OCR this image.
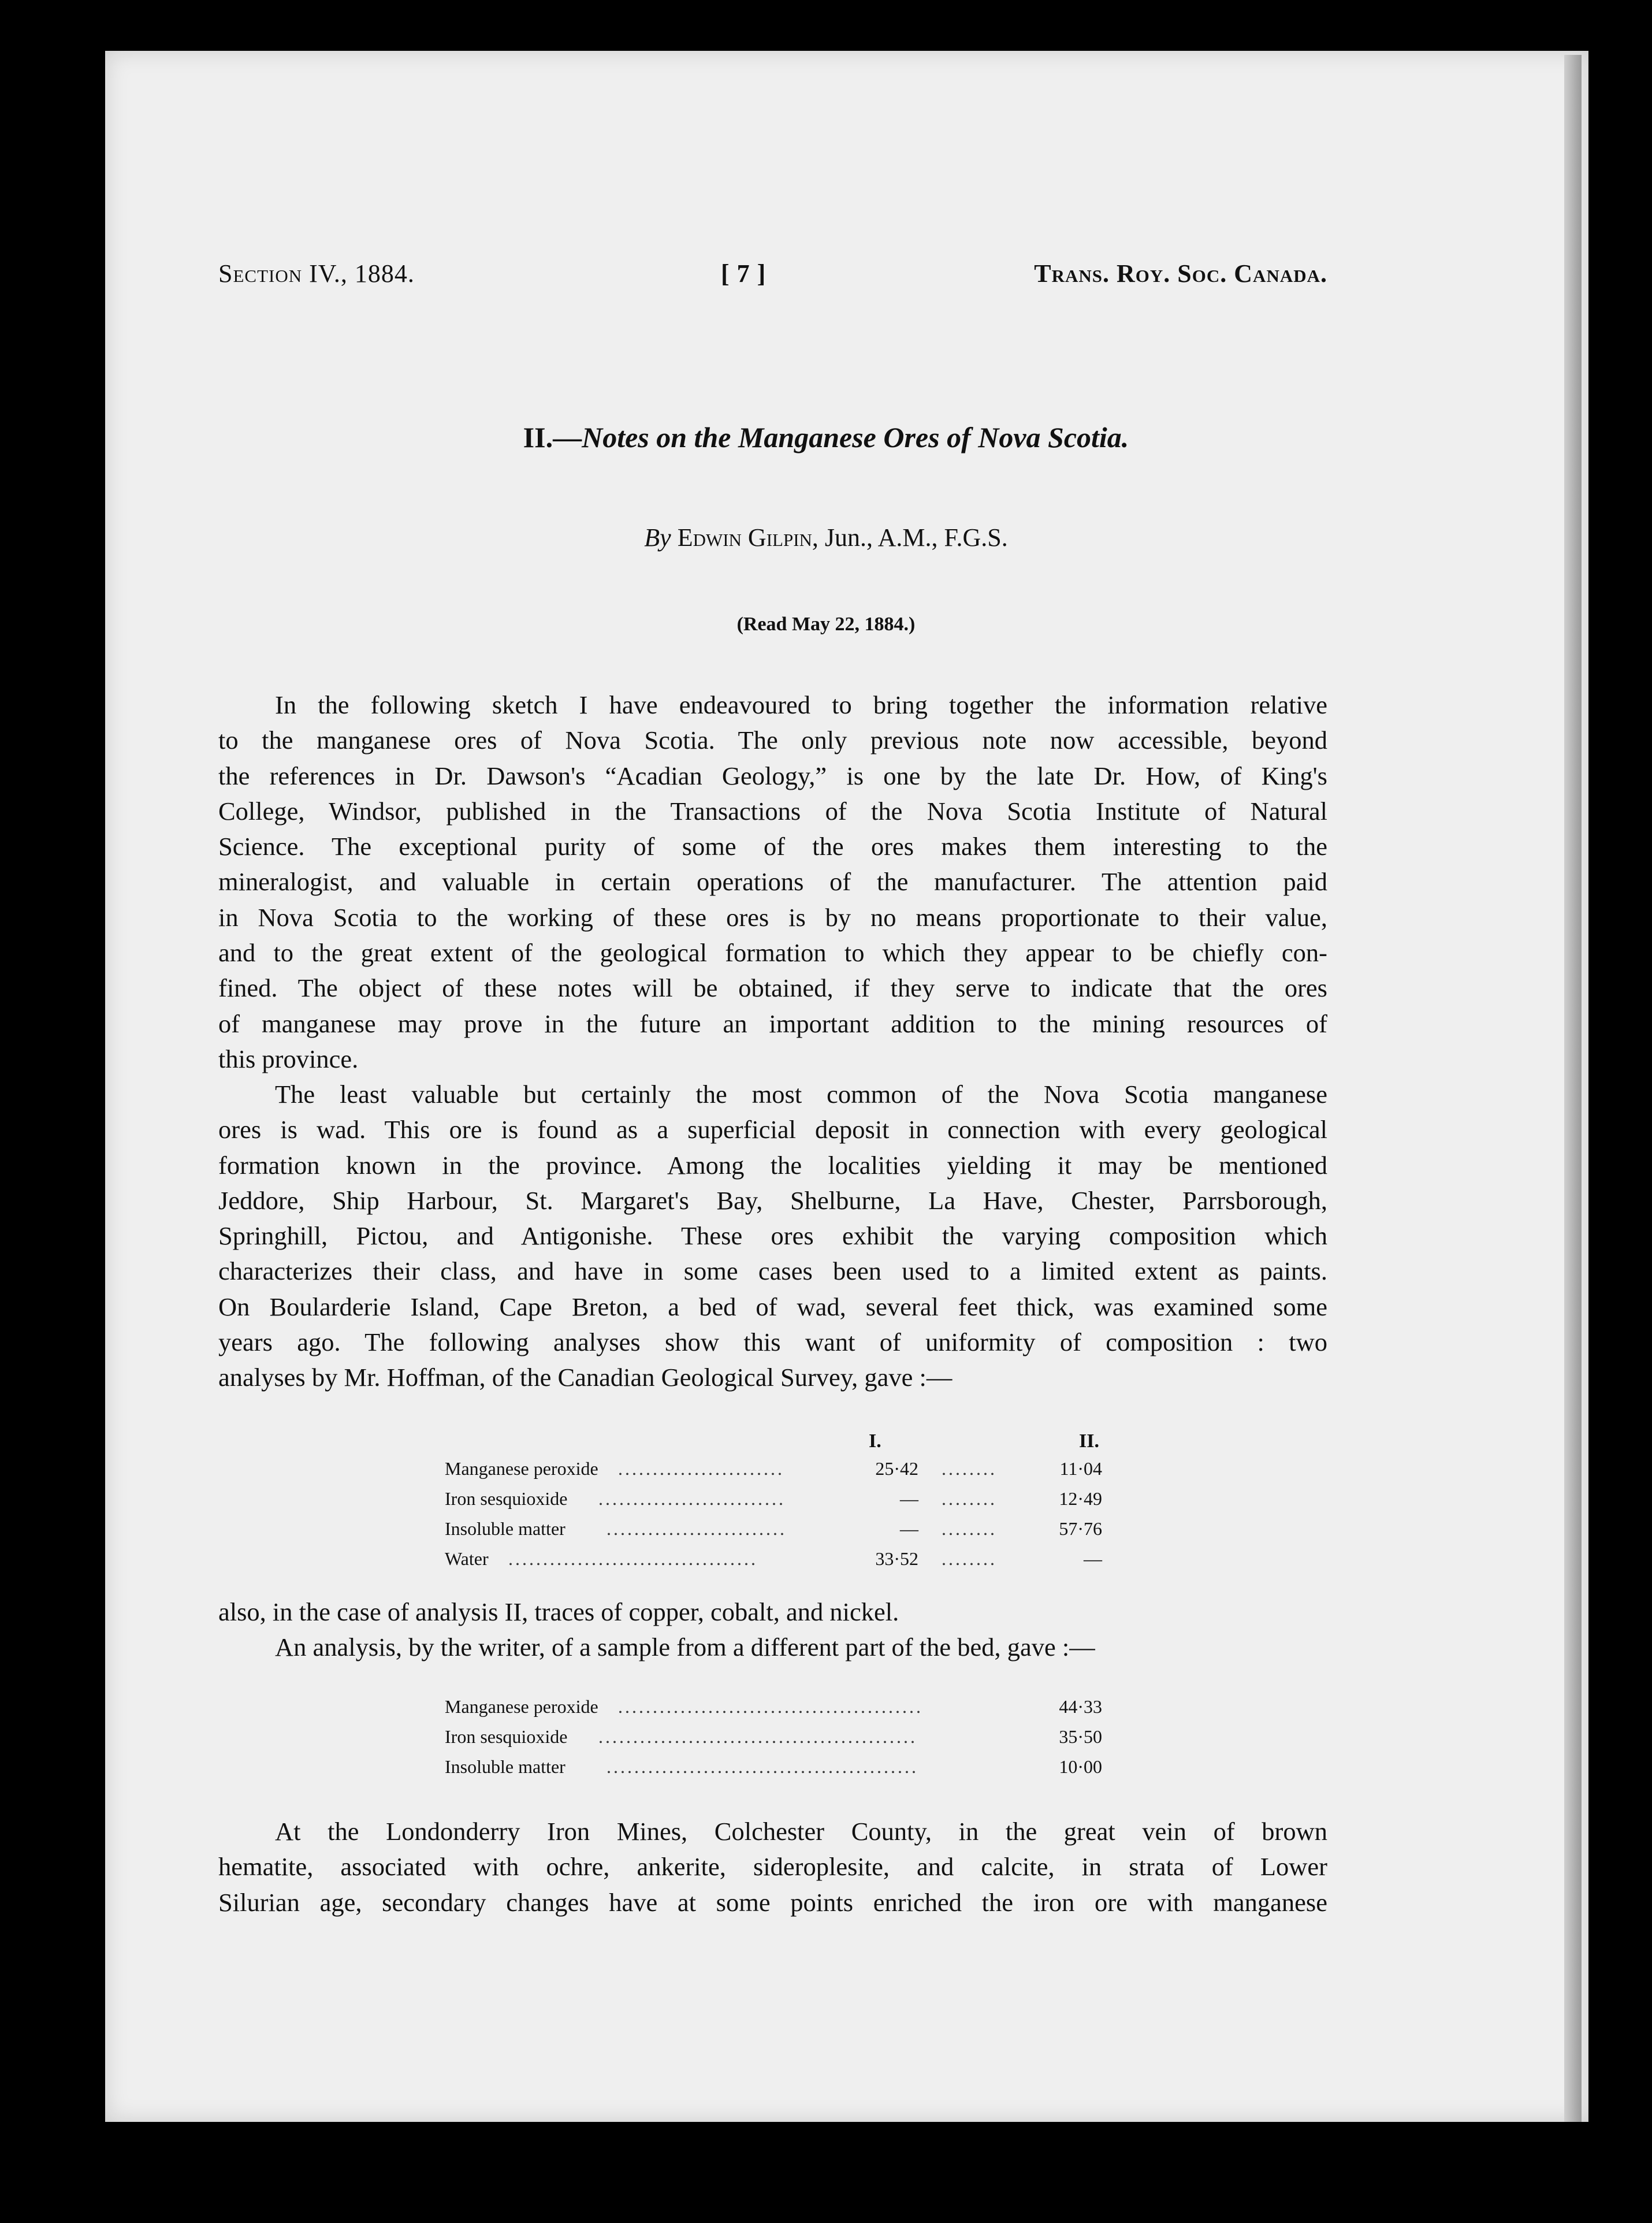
Section IV., 1884.	[ 7 ]	Trans. Roy. Soc. Canada.
II.—Notes on the Manganese Ores of Nova Scotia.
By Edwin Gilpin, Jun., A.M., F.G.S.
(Read May 22, 1884.)
In the following sketch I have endeavoured to bring together the information relative
to the manganese ores of Nova Scotia. The only previous note now accessible, beyond
the references in Dr. Dawson's “Acadian Geology,” is one by the late Dr. How, of King's
College, Windsor, published in the Transactions of the Nova Scotia Institute of Natural
Science. The exceptional purity of some of the ores makes them interesting to the
mineralogist, and valuable in certain operations of the manufacturer. The attention paid
in Nova Scotia to the working of these ores is by no means proportionate to their value,
and to the great extent of the geological formation to which they appear to be chiefly con-
fined. The object of these notes will be obtained, if they serve to indicate that the ores
of manganese may prove in the future an important addition to the mining resources of
this province.
The least valuable but certainly the most common of the Nova Scotia manganese
ores is wad. This ore is found as a superficial deposit in connection with every geological
formation known in the province. Among the localities yielding it may be mentioned
Jeddore, Ship Harbour, St. Margaret's Bay, Shelburne, La Have, Chester, Parrsborough,
Springhill, Pictou, and Antigonishe. These ores exhibit the varying composition which
characterizes their class, and have in some cases been used to a limited extent as paints.
On Boularderie Island, Cape Breton, a bed of wad, several feet thick, was examined some
years ago. The following analyses show this want of uniformity of composition : two
analyses by Mr. Hoffman, of the Canadian Geological Survey, gave :—
I.	II.
Manganese peroxide ........................	25·42 ........	11·04
Iron sesquioxide ...........................	— ........	12·49
Insoluble matter ..........................	— ........	57·76
Water ....................................	33·52 ........	—
also, in the case of analysis II, traces of copper, cobalt, and nickel.
An analysis, by the writer, of a sample from a different part of the bed, gave :—
Manganese peroxide ............................................	44·33
Iron sesquioxide ..............................................	35·50
Insoluble matter .............................................	10·00
At the Londonderry Iron Mines, Colchester County, in the great vein of brown
hematite, associated with ochre, ankerite, sideroplesite, and calcite, in strata of Lower
Silurian age, secondary changes have at some points enriched the iron ore with manganese
